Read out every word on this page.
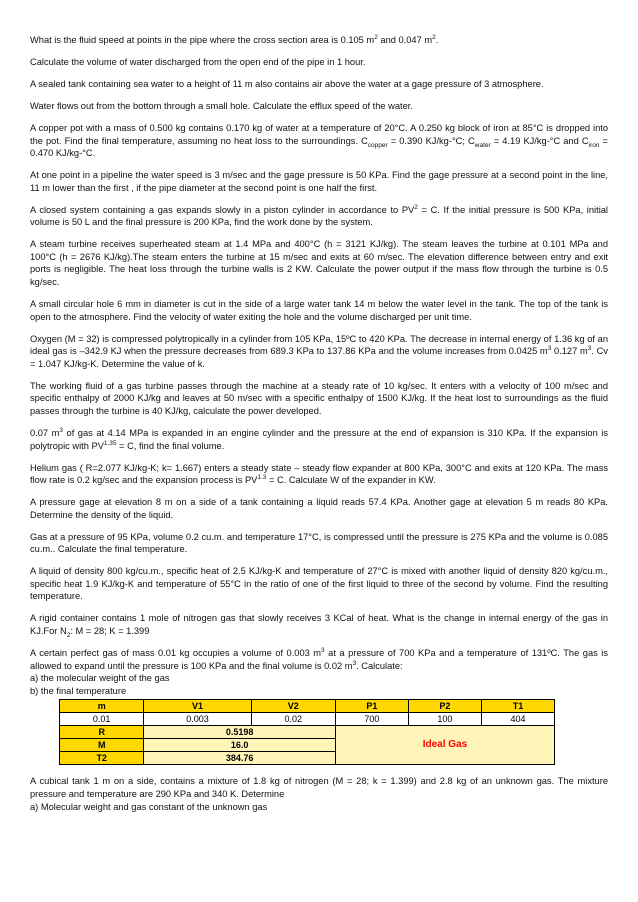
What is the fluid speed at points in the pipe where the cross section area is 0.105 $m^2$ and 0.047 $m^2$.

Calculate the volume of water discharged from the open end of the pipe in 1 hour.

A sealed tank containing sea water to a height of 11 m also contains air above the water at a gage pressure of 3 atmosphere.

Water flows out from the bottom through a small hole. Calculate the efflux speed of the water.

A copper pot with a mass of 0.500 kg contains 0.170 kg of water at a temperature of 20°C. A 0.250 kg block of iron at 85°C is dropped into the pot. Find the final temperature, assuming no heat loss to the surroundings. $C_{copper} = 0.390$ KJ/kg-°C; $C_{water} = 4.19$ KJ/kg-°C and $C_{iron} = 0.470$ KJ/kg-°C.

At one point in a pipeline the water speed is 3 m/sec and the gage pressure is 50 KPa. Find the gage pressure at a second point in the line, 11 m lower than the first , if the pipe diameter at the second point is one half the first.

A closed system containing a gas expands slowly in a piston cylinder in accordance to $PV^2 = C$. If the initial pressure is 500 KPa, initial volume is 50 L and the final pressure is 200 KPa, find the work done by the system.

A steam turbine receives superheated steam at 1.4 MPa and 400°C (h = 3121 KJ/kg). The steam leaves the turbine at 0.101 MPa and 100°C (h = 2676 KJ/kg).The steam enters the turbine at 15 m/sec and exits at 60 m/sec. The elevation difference between entry and exit ports is negligible. The heat loss through the turbine walls is 2 KW. Calculate the power output if the mass flow through the turbine is 0.5 kg/sec.

A small circular hole 6 mm in diameter is cut in the side of a large water tank 14 m below the water level in the tank. The top of the tank is open to the atmosphere. Find the velocity of water exiting the hole and the volume discharged per unit time.

Oxygen (M = 32) is compressed polytropically in a cylinder from 105 KPa, 15ºC to 420 KPa. The decrease in internal energy of 1.36 kg of an ideal gas is –342.9 KJ when the pressure decreases from 689.3 KPa to 137.86 KPa and the volume increases from 0.0425 $m^3$ 0.127 $m^3$. Cv = 1.047 KJ/kg-K. Determine the value of k.

The working fluid of a gas turbine passes through the machine at a steady rate of 10 kg/sec. It enters with a velocity of 100 m/sec and specific enthalpy of 2000 KJ/kg and leaves at 50 m/sec with a specific enthalpy of 1500 KJ/kg. If the heat lost to surroundings as the fluid passes through the turbine is 40 KJ/kg, calculate the power developed.

0.07 $m^3$ of gas at 4.14 MPa is expanded in an engine cylinder and the pressure at the end of expansion is 310 KPa. If the expansion is polytropic with $PV^{1.35} = C$, find the final volume.

Helium gas ( R=2.077 KJ/kg-K; k= 1.667) enters a steady state – steady flow expander at 800 KPa, 300°C and exits at 120 KPa. The mass flow rate is 0.2 kg/sec and the expansion process is $PV^{1.3} = C$. Calculate W of the expander in KW.

A pressure gage at elevation 8 m on a side of a tank containing a liquid reads 57.4 KPa. Another gage at elevation 5 m reads 80 KPa. Determine the density of the liquid.

Gas at a pressure of 95 KPa, volume 0.2 cu.m. and temperature 17°C, is compressed until the pressure is 275 KPa and the volume is 0.085 cu.m.. Calculate the final temperature.

A liquid of density 800 kg/cu.m., specific heat of 2.5 KJ/kg-K and temperature of 27°C is mixed with another liquid of density 820 kg/cu.m., specific heat 1.9 KJ/kg-K and temperature of 55°C in the ratio of one of the first liquid to three of the second by volume. Find the resulting temperature.

A rigid container contains 1 mole of nitrogen gas that slowly receives 3 KCal of heat. What is the change in internal energy of the gas in KJ.For $N_2$: M = 28; K = 1.399

A certain perfect gas of mass 0.01 kg occupies a volume of 0.003 $m^3$ at a pressure of 700 KPa and a temperature of 131ºC. The gas is allowed to expand until the pressure is 100 KPa and the final volume is 0.02 $m^3$. Calculate:

a) the molecular weight of the gas

b) the final temperature

m	V1	V2	P1	P2	T1
0.01	0.003	0.02	700	100	404
R	0.5198		Ideal Gas		
M	16.0				
T2	384.76				

A cubical tank 1 m on a side, contains a mixture of 1.8 kg of nitrogen (M = 28; k = 1.399) and 2.8 kg of an unknown gas. The mixture pressure and temperature are 290 KPa and 340 K. Determine

a) Molecular weight and gas constant of the unknown gas
